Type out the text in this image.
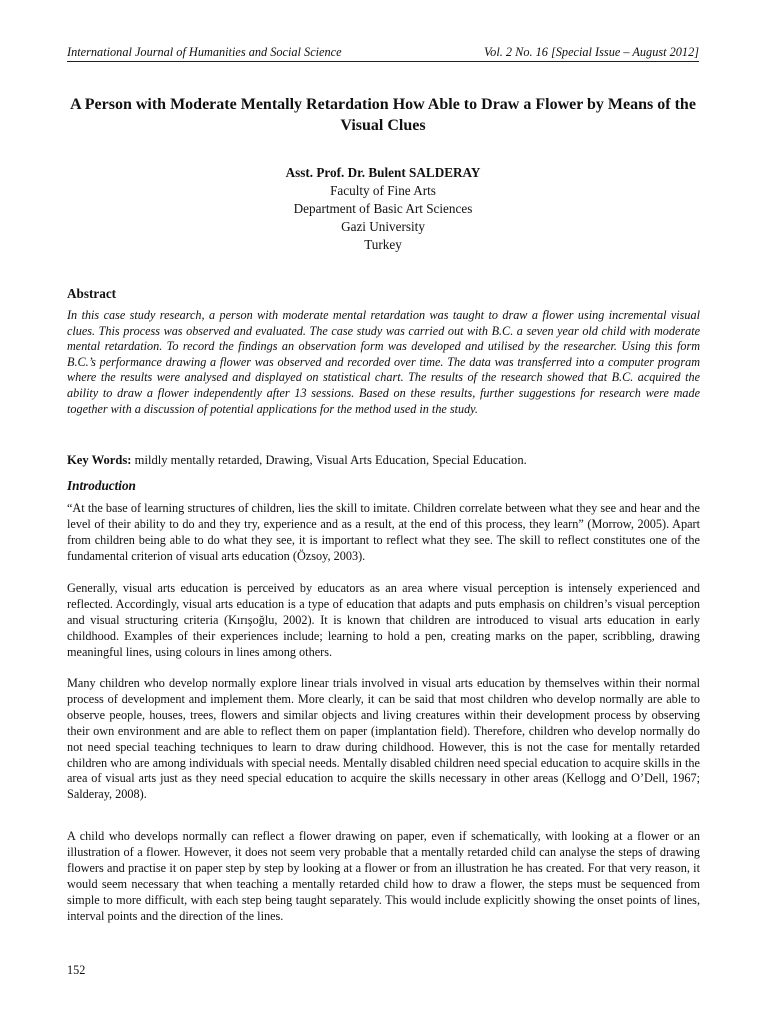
International Journal of Humanities and Social Science	Vol. 2 No. 16 [Special Issue – August 2012]
A Person with Moderate Mentally Retardation How Able to Draw a Flower by Means of the Visual Clues
Asst. Prof. Dr. Bulent SALDERAY
Faculty of Fine Arts
Department of Basic Art Sciences
Gazi University
Turkey
Abstract

In this case study research, a person with moderate mental retardation was taught to draw a flower using incremental visual clues. This process was observed and evaluated. The case study was carried out with B.C. a seven year old child with moderate mental retardation. To record the findings an observation form was developed and utilised by the researcher. Using this form B.C.’s performance drawing a flower was observed and recorded over time. The data was transferred into a computer program where the results were analysed and displayed on statistical chart. The results of the research showed that B.C. acquired the ability to draw a flower independently after 13 sessions. Based on these results, further suggestions for research were made together with a discussion of potential applications for the method used in the study.

Key Words: mildly mentally retarded, Drawing, Visual Arts Education, Special Education.

Introduction

“At the base of learning structures of children, lies the skill to imitate. Children correlate between what they see and hear and the level of their ability to do and they try, experience and as a result, at the end of this process, they learn” (Morrow, 2005). Apart from children being able to do what they see, it is important to reflect what they see. The skill to reflect constitutes one of the fundamental criterion of visual arts education (Özsoy, 2003).

Generally, visual arts education is perceived by educators as an area where visual perception is intensely experienced and reflected. Accordingly, visual arts education is a type of education that adapts and puts emphasis on children’s visual perception and visual structuring criteria (Kırışoğlu, 2002). It is known that children are introduced to visual arts education in early childhood. Examples of their experiences include; learning to hold a pen, creating marks on the paper, scribbling, drawing meaningful lines, using colours in lines among others.

Many children who develop normally explore linear trials involved in visual arts education by themselves within their normal process of development and implement them. More clearly, it can be said that most children who develop normally are able to observe people, houses, trees, flowers and similar objects and living creatures within their development process by observing their own environment and are able to reflect them on paper (implantation field). Therefore, children who develop normally do not need special teaching techniques to learn to draw during childhood. However, this is not the case for mentally retarded children who are among individuals with special needs. Mentally disabled children need special education to acquire skills in the area of visual arts just as they need special education to acquire the skills necessary in other areas (Kellogg and O’Dell, 1967; Salderay, 2008).

A child who develops normally can reflect a flower drawing on paper, even if schematically, with looking at a flower or an illustration of a flower. However, it does not seem very probable that a mentally retarded child can analyse the steps of drawing flowers and practise it on paper step by step by looking at a flower or from an illustration he has created. For that very reason, it would seem necessary that when teaching a mentally retarded child how to draw a flower, the steps must be sequenced from simple to more difficult, with each step being taught separately. This would include explicitly showing the onset points of lines, interval points and the direction of the lines.

152
